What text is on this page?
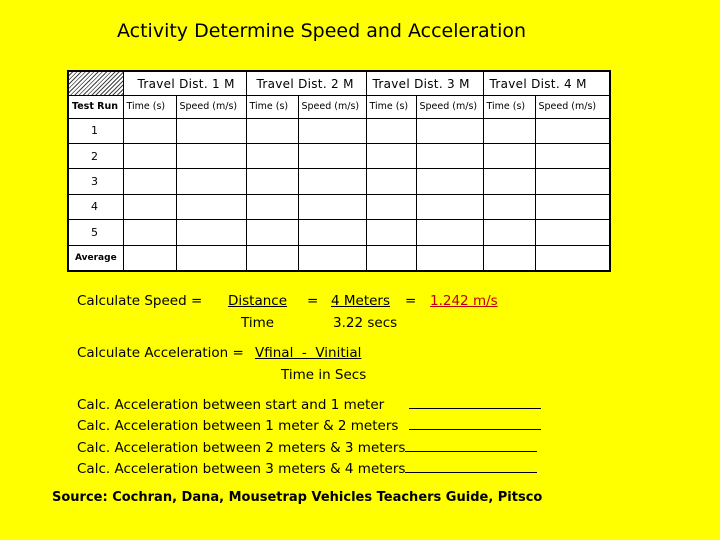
Activity Determine Speed and Acceleration
	Travel Dist. 1 M		Travel Dist. 2 M		Travel Dist. 3 M		Travel Dist. 4 M	
Test Run	Time (s)	Speed (m/s)	Time (s)	Speed (m/s)	Time (s)	Speed (m/s)	Time (s)	Speed (m/s)
1								
2								
3								
4								
5								
Average								
Calculate Speed = Distance = 4 Meters = 1.242 m/s
Time	3.22 secs
Calculate Acceleration = Vfinal  -  Vinitial
Time in Secs
Calc. Acceleration between start and 1 meter
Calc. Acceleration between 1 meter & 2 meters
Calc. Acceleration between 2 meters & 3 meters
Calc. Acceleration between 3 meters & 4 meters
Source: Cochran, Dana, Mousetrap Vehicles Teachers Guide, Pitsco
